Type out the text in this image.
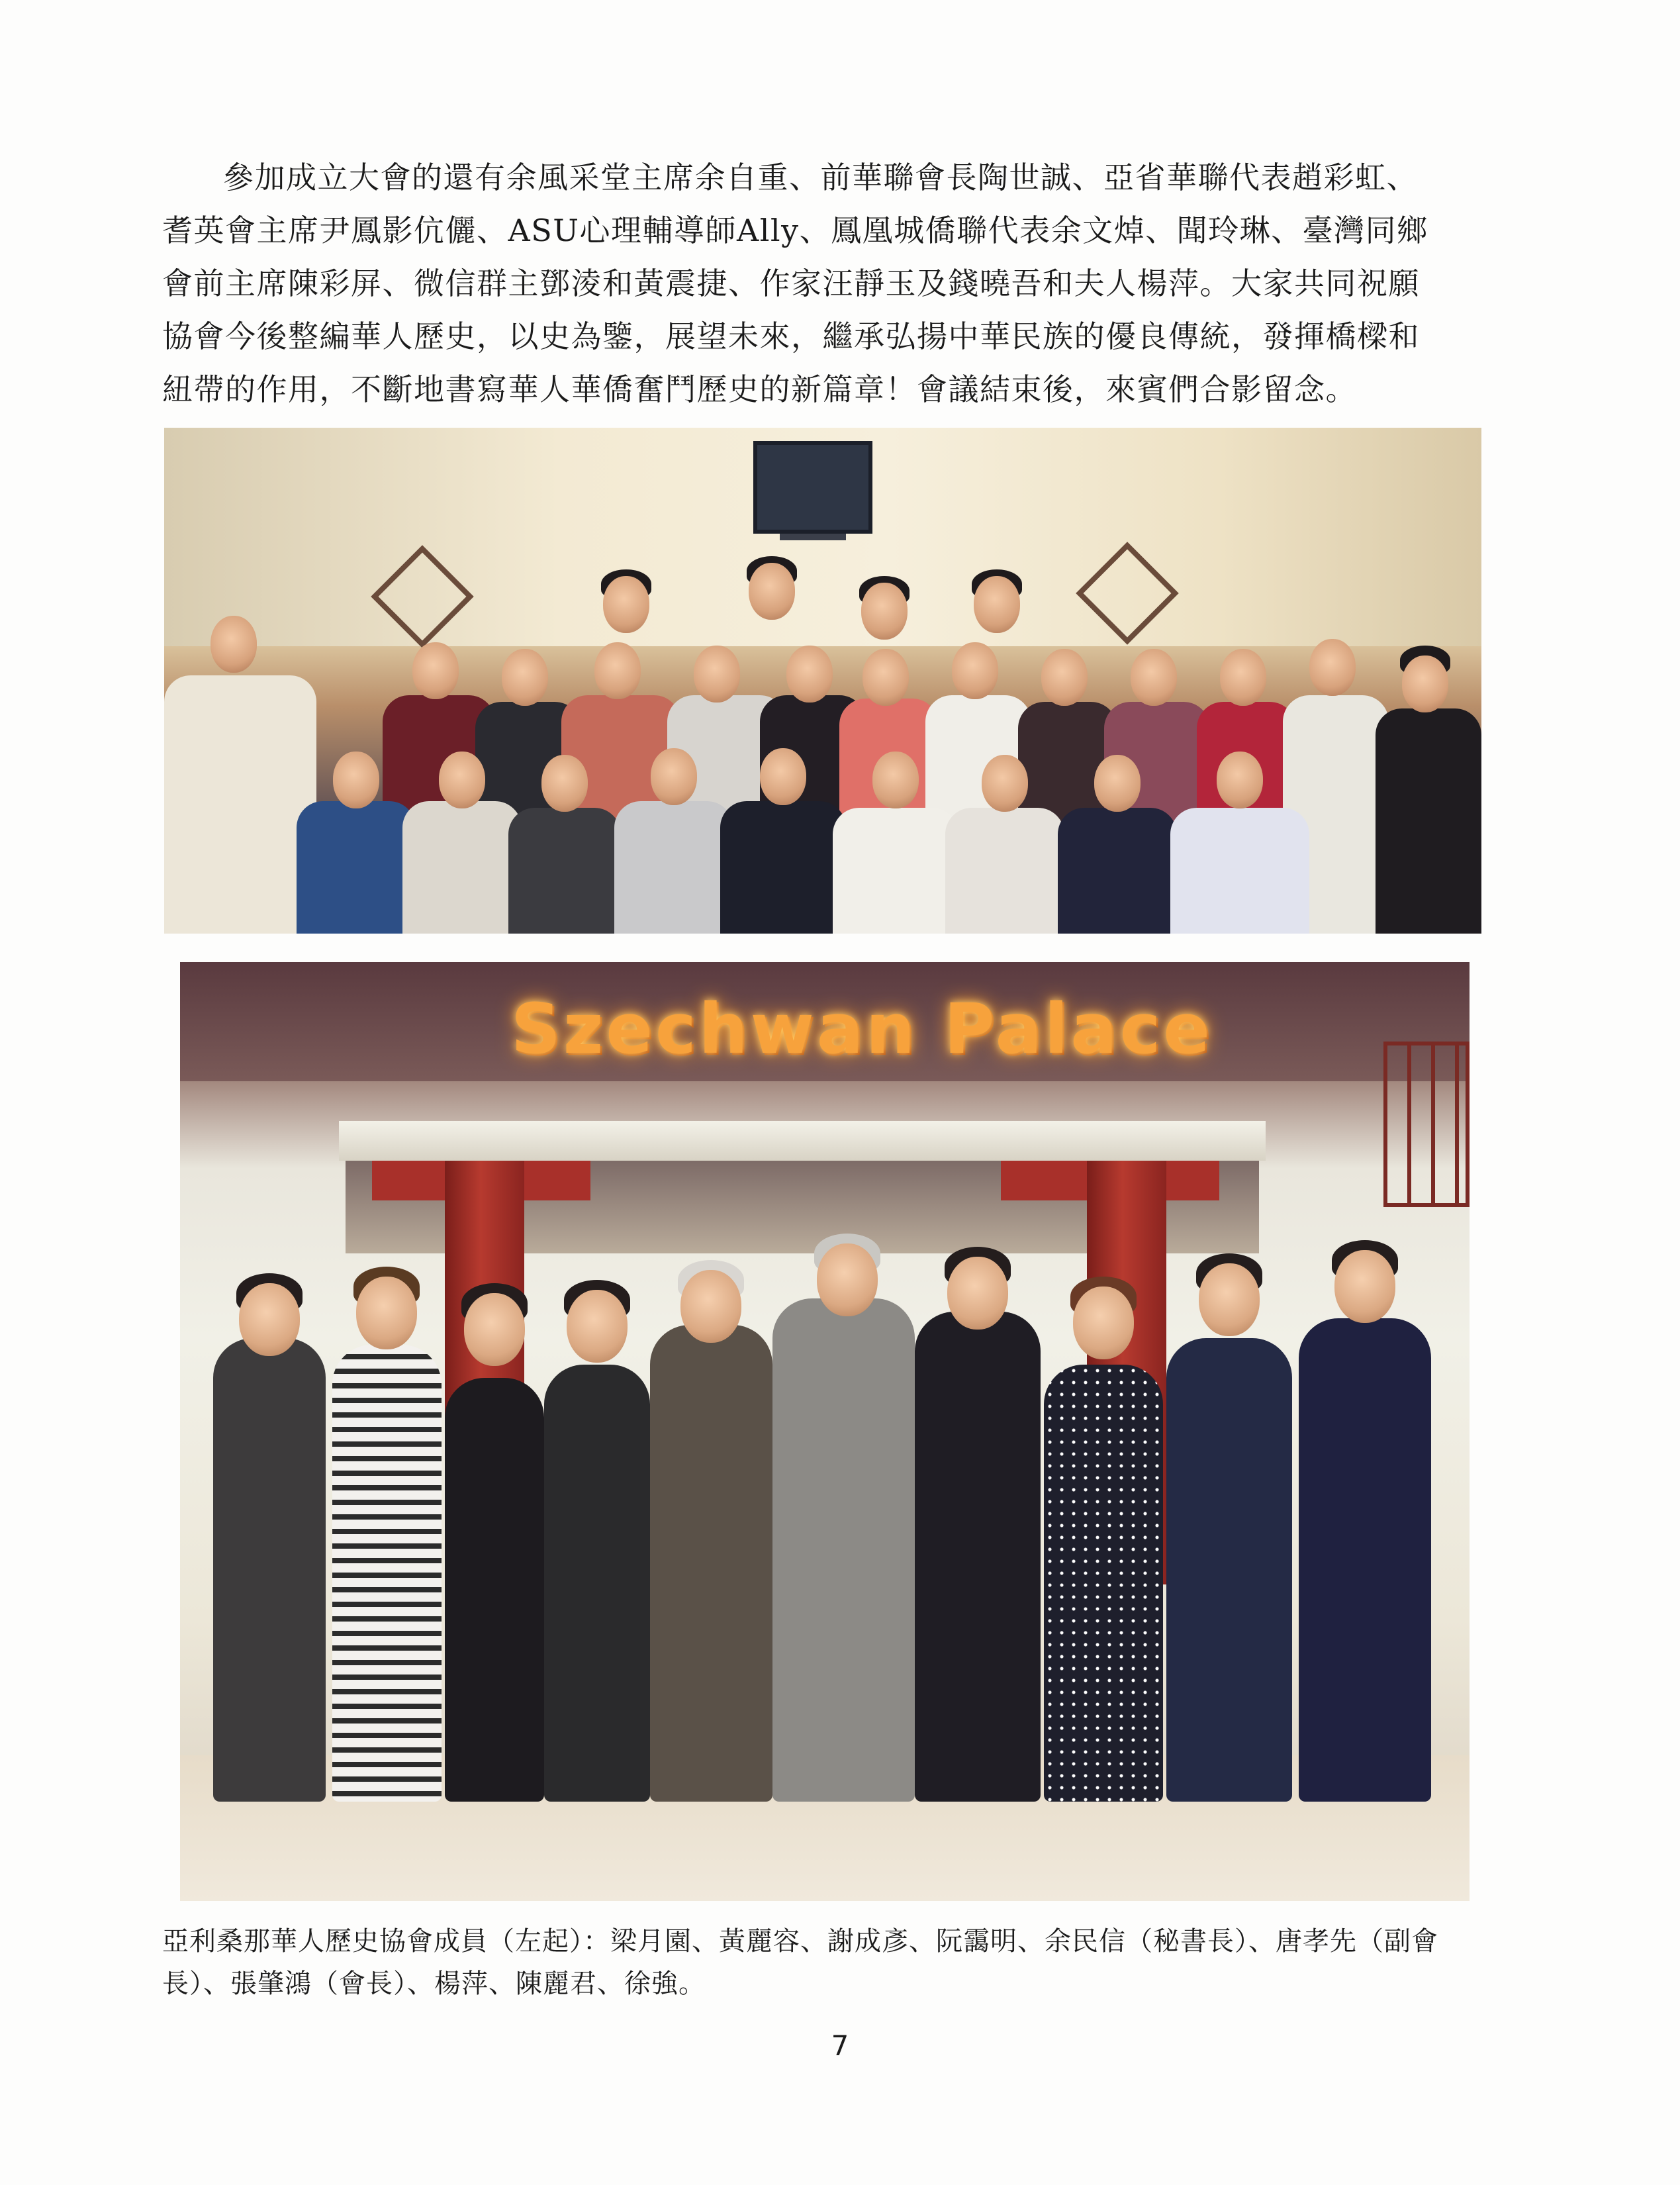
參加成立大會的還有余風采堂主席余自重、前華聯會長陶世誠、亞省華聯代表趙彩虹、
耆英會主席尹鳳影伉儷、ASU心理輔導師Ally、鳳凰城僑聯代表余文焯、聞玲琳、臺灣同鄉
會前主席陳彩屏、微信群主鄧淩和黃震捷、作家汪靜玉及錢曉吾和夫人楊萍。大家共同祝願
協會今後整編華人歷史，以史為鑒，展望未來，繼承弘揚中華民族的優良傳統，發揮橋樑和
紐帶的作用，不斷地書寫華人華僑奮鬥歷史的新篇章！會議結束後，來賓們合影留念。
Szechwan Palace
亞利桑那華人歷史協會成員（左起）：梁月園、黃麗容、謝成彥、阮靄明、余民信（秘書長）、唐孝先（副會
長）、張肇鴻（會長）、楊萍、陳麗君、徐強。
7
